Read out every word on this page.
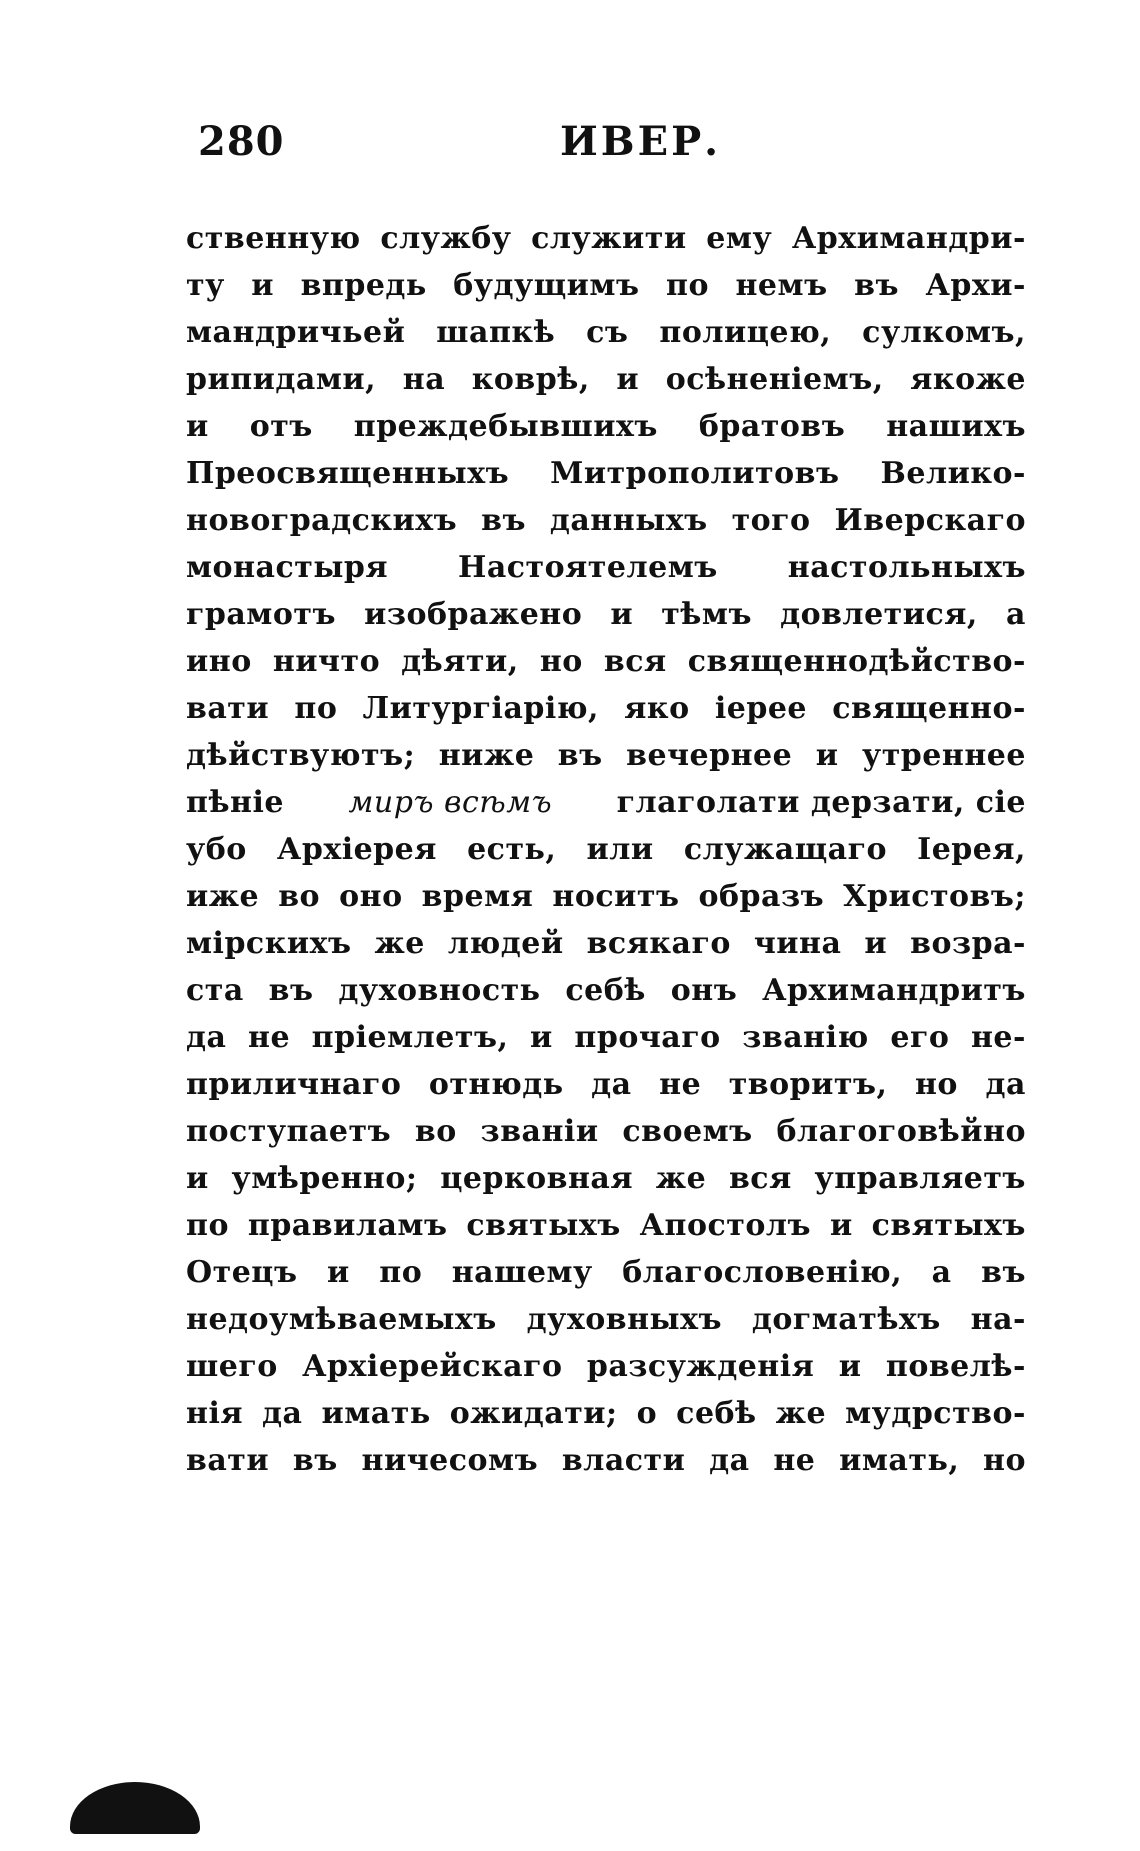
280	ИВЕР.
ственную службу служити ему Архимандри-
ту и впредь будущимъ по немъ въ Архи-
мандричьей шапкѣ съ полицею, сулкомъ,
рипидами, на коврѣ, и осѣненіемъ, якоже
и отъ преждебывшихъ братовъ нашихъ
Преосвященныхъ Митрополитовъ Велико-
новоградскихъ въ данныхъ того Иверскаго
монастыря Настоятелемъ настольныхъ
грамотъ изображено и тѣмъ довлетися, а
ино ничто дѣяти, но вся священнодѣйство-
вати по Литургіарію, яко іерее священно-
дѣйствуютъ; ниже въ вечернее и утреннее
пѣніе миръ всѣмъ глаголати дерзати, сіе
убо Архіерея есть, или служащаго Іерея,
иже во оно время носитъ образъ Христовъ;
мірскихъ же людей всякаго чина и возра-
ста въ духовность себѣ онъ Архимандритъ
да не пріемлетъ, и прочаго званію его не-
приличнаго отнюдь да не творитъ, но да
поступаетъ во званіи своемъ благоговѣйно
и умѣренно; церковная же вся управляетъ
по правиламъ святыхъ Апостолъ и святыхъ
Отецъ и по нашему благословенію, а въ
недоумѣваемыхъ духовныхъ догматѣхъ на-
шего Архіерейскаго разсужденія и повелѣ-
нія да имать ожидати; о себѣ же мудрство-
вати въ ничесомъ власти да не имать, но
